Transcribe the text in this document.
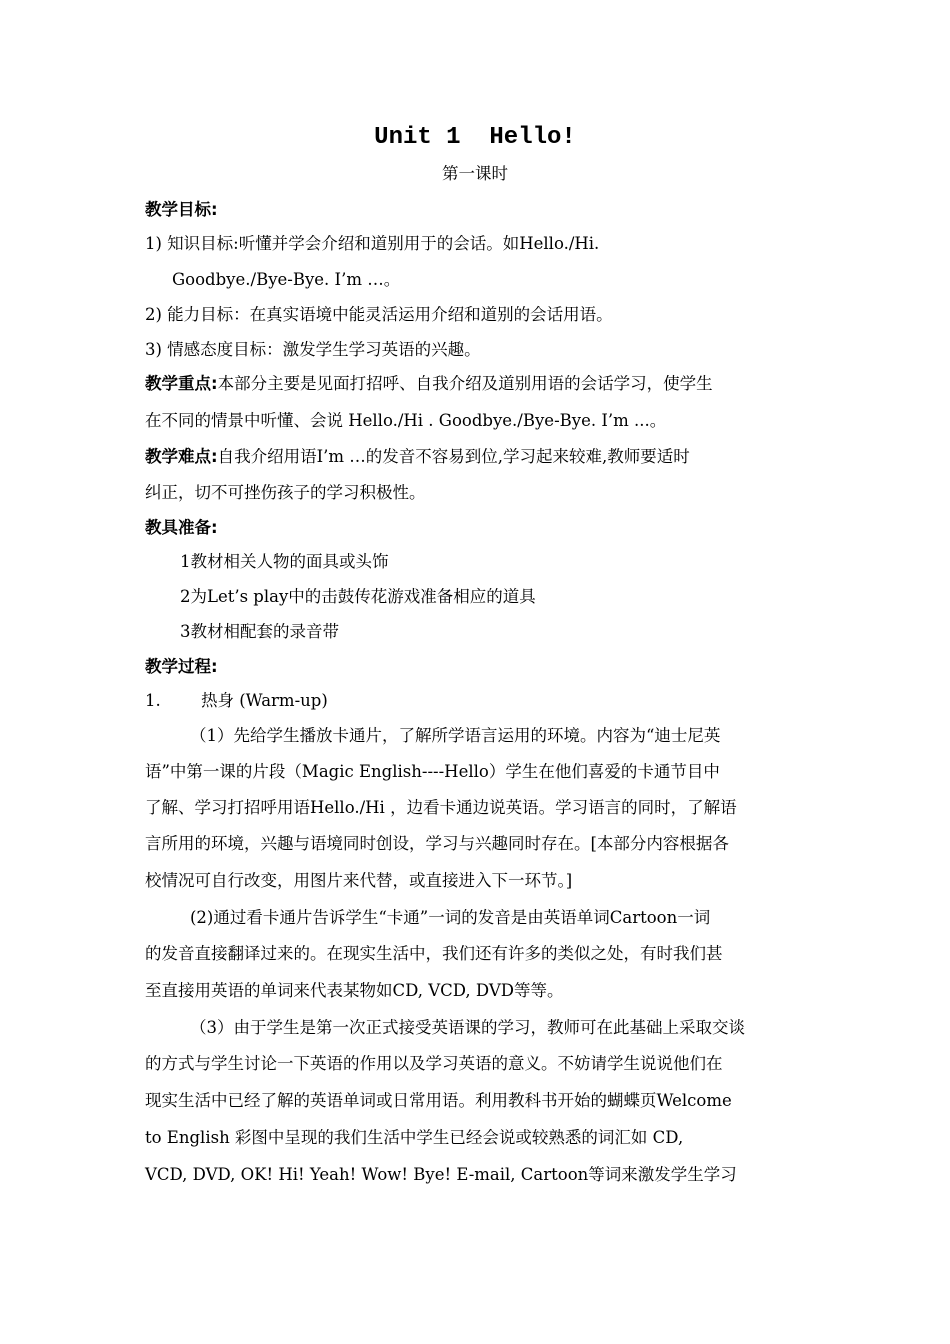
Unit 1  Hello!
第一课时
教学目标:
1) 知识目标:听懂并学会介绍和道别用于的会话。如Hello./Hi.
Goodbye./Bye-Bye. I’m …。
2) 能力目标：在真实语境中能灵活运用介绍和道别的会话用语。
3) 情感态度目标：激发学生学习英语的兴趣。
教学重点:本部分主要是见面打招呼、自我介绍及道别用语的会话学习，使学生
在不同的情景中听懂、会说 Hello./Hi . Goodbye./Bye-Bye. I’m ...。
教学难点:自我介绍用语I’m …的发音不容易到位,学习起来较难,教师要适时
纠正，切不可挫伤孩子的学习积极性。
教具准备:
1教材相关人物的面具或头饰
2为Let’s play中的击鼓传花游戏准备相应的道具
3教材相配套的录音带
教学过程:
1. 热身 (Warm-up)
（1）先给学生播放卡通片，了解所学语言运用的环境。内容为“迪士尼英
语”中第一课的片段（Magic English----Hello）学生在他们喜爱的卡通节目中
了解、学习打招呼用语Hello./Hi ，边看卡通边说英语。学习语言的同时，了解语
言所用的环境，兴趣与语境同时创设，学习与兴趣同时存在。[本部分内容根据各
校情况可自行改变，用图片来代替，或直接进入下一环节。]
(2)通过看卡通片告诉学生“卡通”一词的发音是由英语单词Cartoon一词
的发音直接翻译过来的。在现实生活中，我们还有许多的类似之处，有时我们甚
至直接用英语的单词来代表某物如CD, VCD, DVD等等。
（3）由于学生是第一次正式接受英语课的学习，教师可在此基础上采取交谈
的方式与学生讨论一下英语的作用以及学习英语的意义。不妨请学生说说他们在
现实生活中已经了解的英语单词或日常用语。利用教科书开始的蝴蝶页Welcome
to English 彩图中呈现的我们生活中学生已经会说或较熟悉的词汇如 CD,
VCD, DVD, OK! Hi! Yeah! Wow! Bye! E-mail, Cartoon等词来激发学生学习
